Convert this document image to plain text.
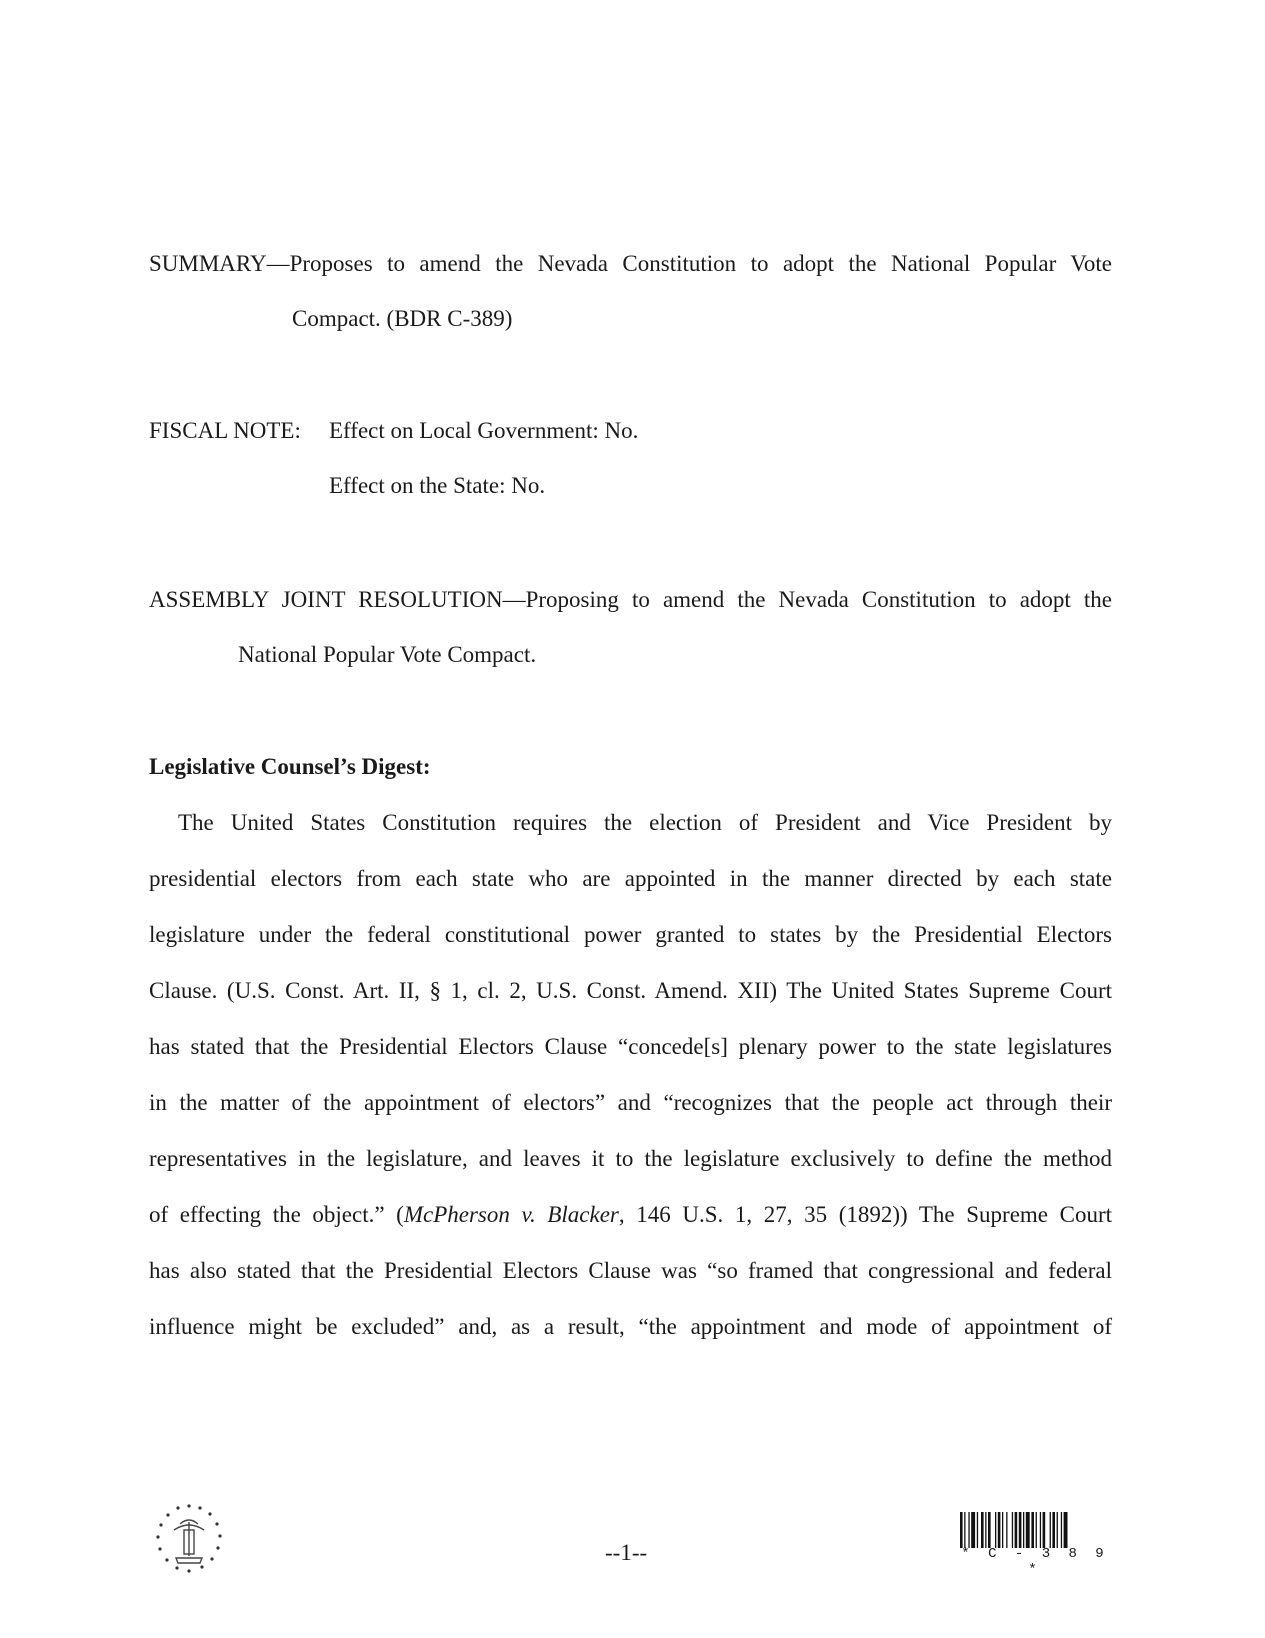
SUMMARY—Proposes to amend the Nevada Constitution to adopt the National Popular Vote
Compact. (BDR C-389)
FISCAL NOTE: Effect on Local Government: No.
Effect on the State: No.
ASSEMBLY JOINT RESOLUTION—Proposing to amend the Nevada Constitution to adopt the
National Popular Vote Compact.
Legislative Counsel’s Digest:
The United States Constitution requires the election of President and Vice President by
presidential electors from each state who are appointed in the manner directed by each state
legislature under the federal constitutional power granted to states by the Presidential Electors
Clause. (U.S. Const. Art. II, § 1, cl. 2, U.S. Const. Amend. XII) The United States Supreme Court
has stated that the Presidential Electors Clause “concede[s] plenary power to the state legislatures
in the matter of the appointment of electors” and “recognizes that the people act through their
representatives in the legislature, and leaves it to the legislature exclusively to define the method
of effecting the object.” (McPherson v. Blacker, 146 U.S. 1, 27, 35 (1892)) The Supreme Court
has also stated that the Presidential Electors Clause was “so framed that congressional and federal
influence might be excluded” and, as a result, “the appointment and mode of appointment of
--1--	* C - 3 8 9 *
